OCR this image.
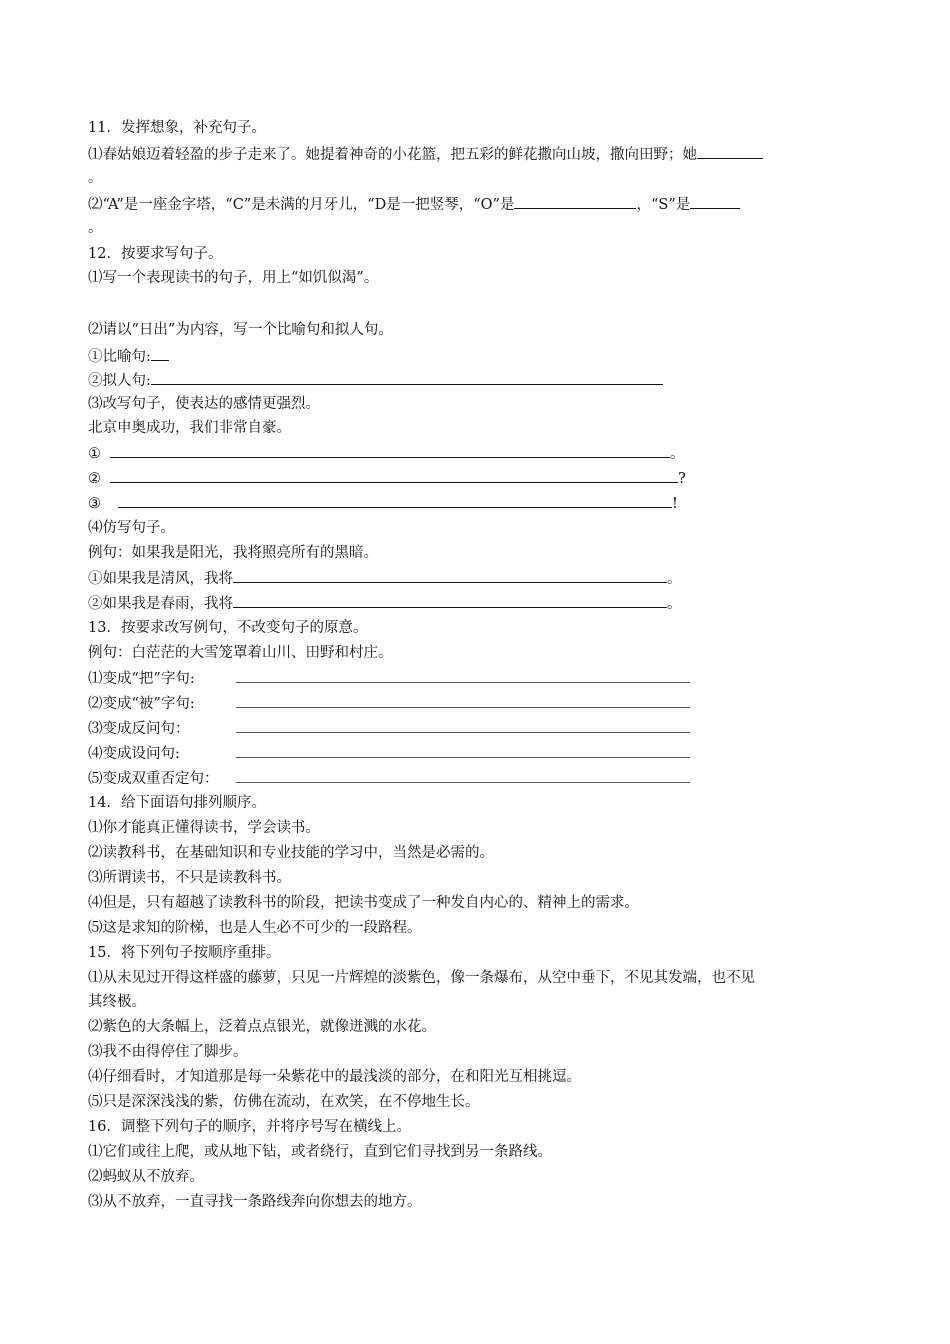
11．发挥想象，补充句子。
⑴春姑娘迈着轻盈的步子走来了。她提着神奇的小花篮，把五彩的鲜花撒向山坡，撒向田野；她
。
⑵“A”是一座金字塔，“C”是未满的月牙儿，“D是一把竖琴，“O”是	，“S”是
。
12．按要求写句子。
⑴写一个表现读书的句子，用上“如饥似渴”。
⑵请以“日出”为内容，写一个比喻句和拟人句。
①比喻句:
②拟人句:
⑶改写句子，使表达的感情更强烈。
北京申奥成功，我们非常自豪。
①	。
②	?
③	!
⑷仿写句子。
例句：如果我是阳光，我将照亮所有的黑暗。
①如果我是清风，我将	。
②如果我是春雨，我将	。
13．按要求改写例句，不改变句子的原意。
例句：白茫茫的大雪笼罩着山川、田野和村庄。
⑴变成“把”字句:
⑵变成“被”字句:
⑶变成反问句：
⑷变成设问句:
⑸变成双重否定句：
14．给下面语句排列顺序。
⑴你才能真正懂得读书，学会读书。
⑵读教科书，在基础知识和专业技能的学习中，当然是必需的。
⑶所谓读书，不只是读教科书。
⑷但是，只有超越了读教科书的阶段，把读书变成了一种发自内心的、精神上的需求。
⑸这是求知的阶梯，也是人生必不可少的一段路程。
15．将下列句子按顺序重排。
⑴从未见过开得这样盛的藤萝，只见一片辉煌的淡紫色，像一条爆布，从空中垂下，不见其发端，也不见
其终极。
⑵紫色的大条幅上，泛着点点银光，就像迸溅的水花。
⑶我不由得停住了脚步。
⑷仔细看时，才知道那是每一朵紫花中的最浅淡的部分，在和阳光互相挑逗。
⑸只是深深浅浅的紫，仿佛在流动，在欢笑，在不停地生长。
16．调整下列句子的顺序，并将序号写在横线上。
⑴它们或往上爬，或从地下钻，或者绕行，直到它们寻找到另一条路线。
⑵蚂蚁从不放弃。
⑶从不放弃，一直寻找一条路线奔向你想去的地方。
